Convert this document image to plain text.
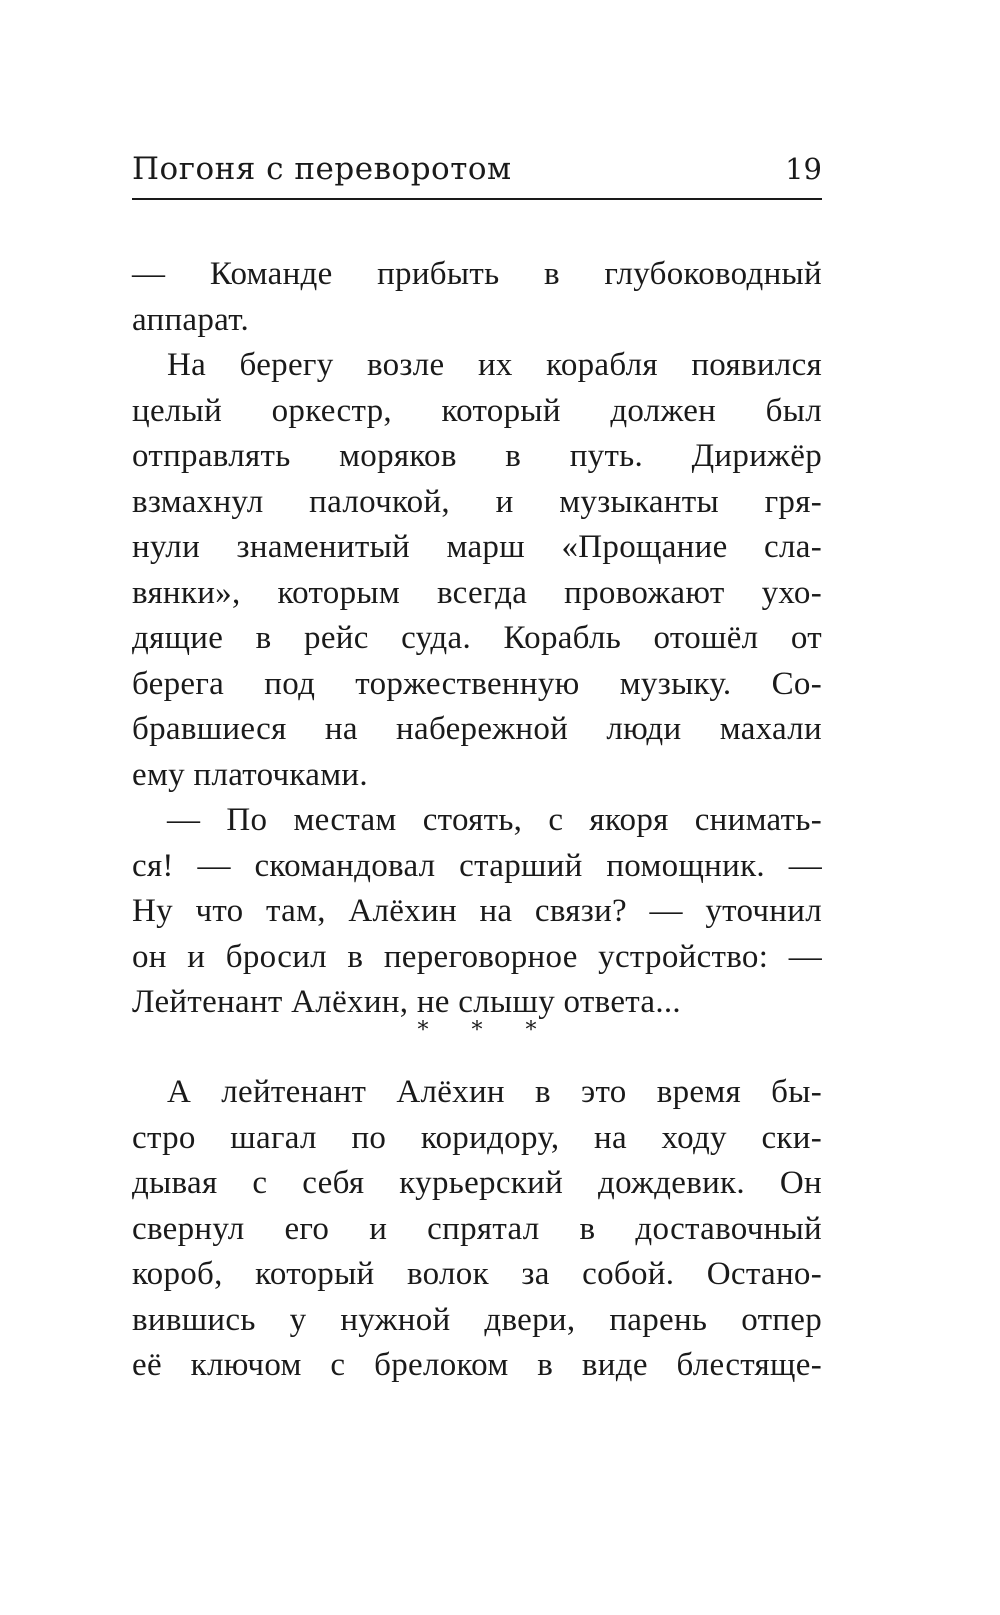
Погоня с переворотом	19
— Команде прибыть в глубоководный
аппарат.
На берегу возле их корабля появился
целый оркестр, который должен был
отправлять моряков в путь. Дирижёр
взмахнул палочкой, и музыканты гря-
нули знаменитый марш «Прощание сла-
вянки», которым всегда провожают ухо-
дящие в рейс суда. Корабль отошёл от
берега под торжественную музыку. Со-
бравшиеся на набережной люди махали
ему платочками.
— По местам стоять, с якоря снимать-
ся! — скомандовал старший помощник. —
Ну что там, Алёхин на связи? — уточнил
он и бросил в переговорное устройство: —
Лейтенант Алёхин, не слышу ответа...
* * *
А лейтенант Алёхин в это время бы-
стро шагал по коридору, на ходу ски-
дывая с себя курьерский дождевик. Он
свернул его и спрятал в доставочный
короб, который волок за собой. Остано-
вившись у нужной двери, парень отпер
её ключом с брелоком в виде блестяще-
